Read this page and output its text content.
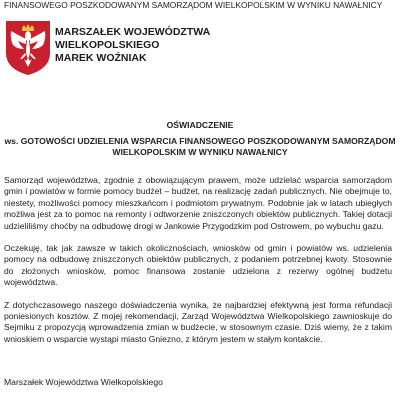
FINANSOWEGO POSZKODOWANYM SAMORZĄDOM WIELKOPOLSKIM W WYNIKU NAWAŁNICY
MARSZAŁEK WOJEWÓDZTWA
WIELKOPOLSKIEGO
MAREK WOŹNIAK
OŚWIADCZENIE
ws. GOTOWOŚCI UDZIELENIA WSPARCIA FINANSOWEGO POSZKODOWANYM SAMORZĄDOM
WIELKOPOLSKIM W WYNIKU NAWAŁNICY

Samorząd województwa, zgodnie z obowiązującym prawem, może udzielać wsparcia samorządom gmin i powiatów w formie pomocy budżet – budżet, na realizację zadań publicznych. Nie obejmuje to, niestety, możliwości pomocy mieszkańcom i podmiotom prywatnym. Podobnie jak w latach ubiegłych możliwa jest za to pomoc na remonty i odtworzenie zniszczonych obiektów publicznych. Takiej dotacji udzieliliśmy choćby na odbudowę drogi w Jankowie Przygodzkim pod Ostrowem, po wybuchu gazu.

Oczekuję, tak jak zawsze w takich okolicznościach, wniosków od gmin i powiatów ws. udzielenia pomocy na odbudowę zniszczonych obiektów publicznych, z podaniem potrzebnej kwoty. Stosownie do złożonych wniosków, pomoc finansowa zostanie udzielona z rezerwy ogólnej budżetu województwa.

Z dotychczasowego naszego doświadczenia wynika, że najbardziej efektywną jest forma refundacji poniesionych kosztów. Z mojej rekomendacji, Zarząd Województwa Wielkopolskiego zawnioskuje do Sejmiku z propozycją wprowadzenia zmian w budżecie, w stosownym czasie. Dziś wiemy, że z takim wnioskiem o wsparcie wystąpi miasto Gniezno, z którym jestem w stałym kontakcie.

Marszałek Województwa Wielkopolskiego
